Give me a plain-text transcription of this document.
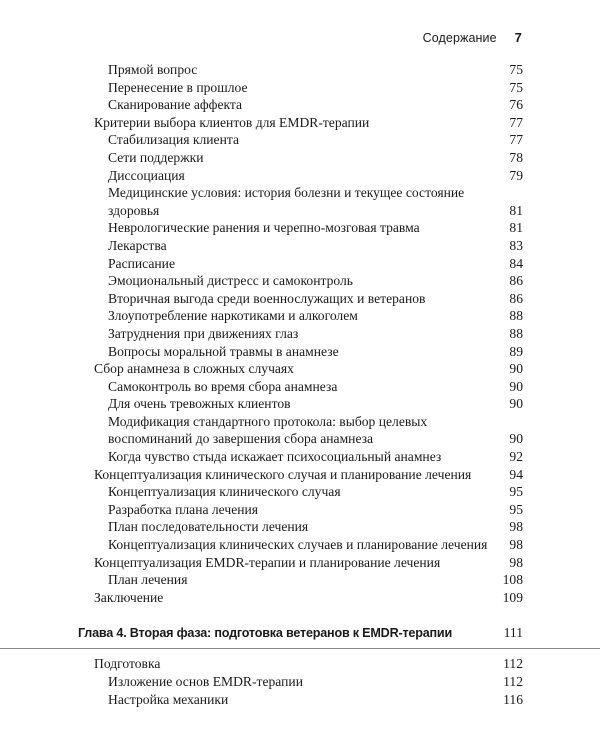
Содержание 7
Прямой вопрос	75
Перенесение в прошлое	75
Сканирование аффекта	76
Критерии выбора клиентов для EMDR-терапии	77
Стабилизация клиента	77
Сети поддержки	78
Диссоциация	79
Медицинские условия: история болезни и текущее состояние здоровья	81
Неврологические ранения и черепно-мозговая травма	81
Лекарства	83
Расписание	84
Эмоциональный дистресс и самоконтроль	86
Вторичная выгода среди военнослужащих и ветеранов	86
Злоупотребление наркотиками и алкоголем	88
Затруднения при движениях глаз	88
Вопросы моральной травмы в анамнезе	89
Сбор анамнеза в сложных случаях	90
Самоконтроль во время сбора анамнеза	90
Для очень тревожных клиентов	90
Модификация стандартного протокола: выбор целевых воспоминаний до завершения сбора анамнеза	90
Когда чувство стыда искажает психосоциальный анамнез	92
Концептуализация клинического случая и планирование лечения	94
Концептуализация клинического случая	95
Разработка плана лечения	95
План последовательности лечения	98
Концептуализация клинических случаев и планирование лечения	98
Концептуализация EMDR-терапии и планирование лечения	98
План лечения	108
Заключение	109
Глава 4. Вторая фаза: подготовка ветеранов к EMDR-терапии	111
Подготовка	112
Изложение основ EMDR-терапии	112
Настройка механики	116
